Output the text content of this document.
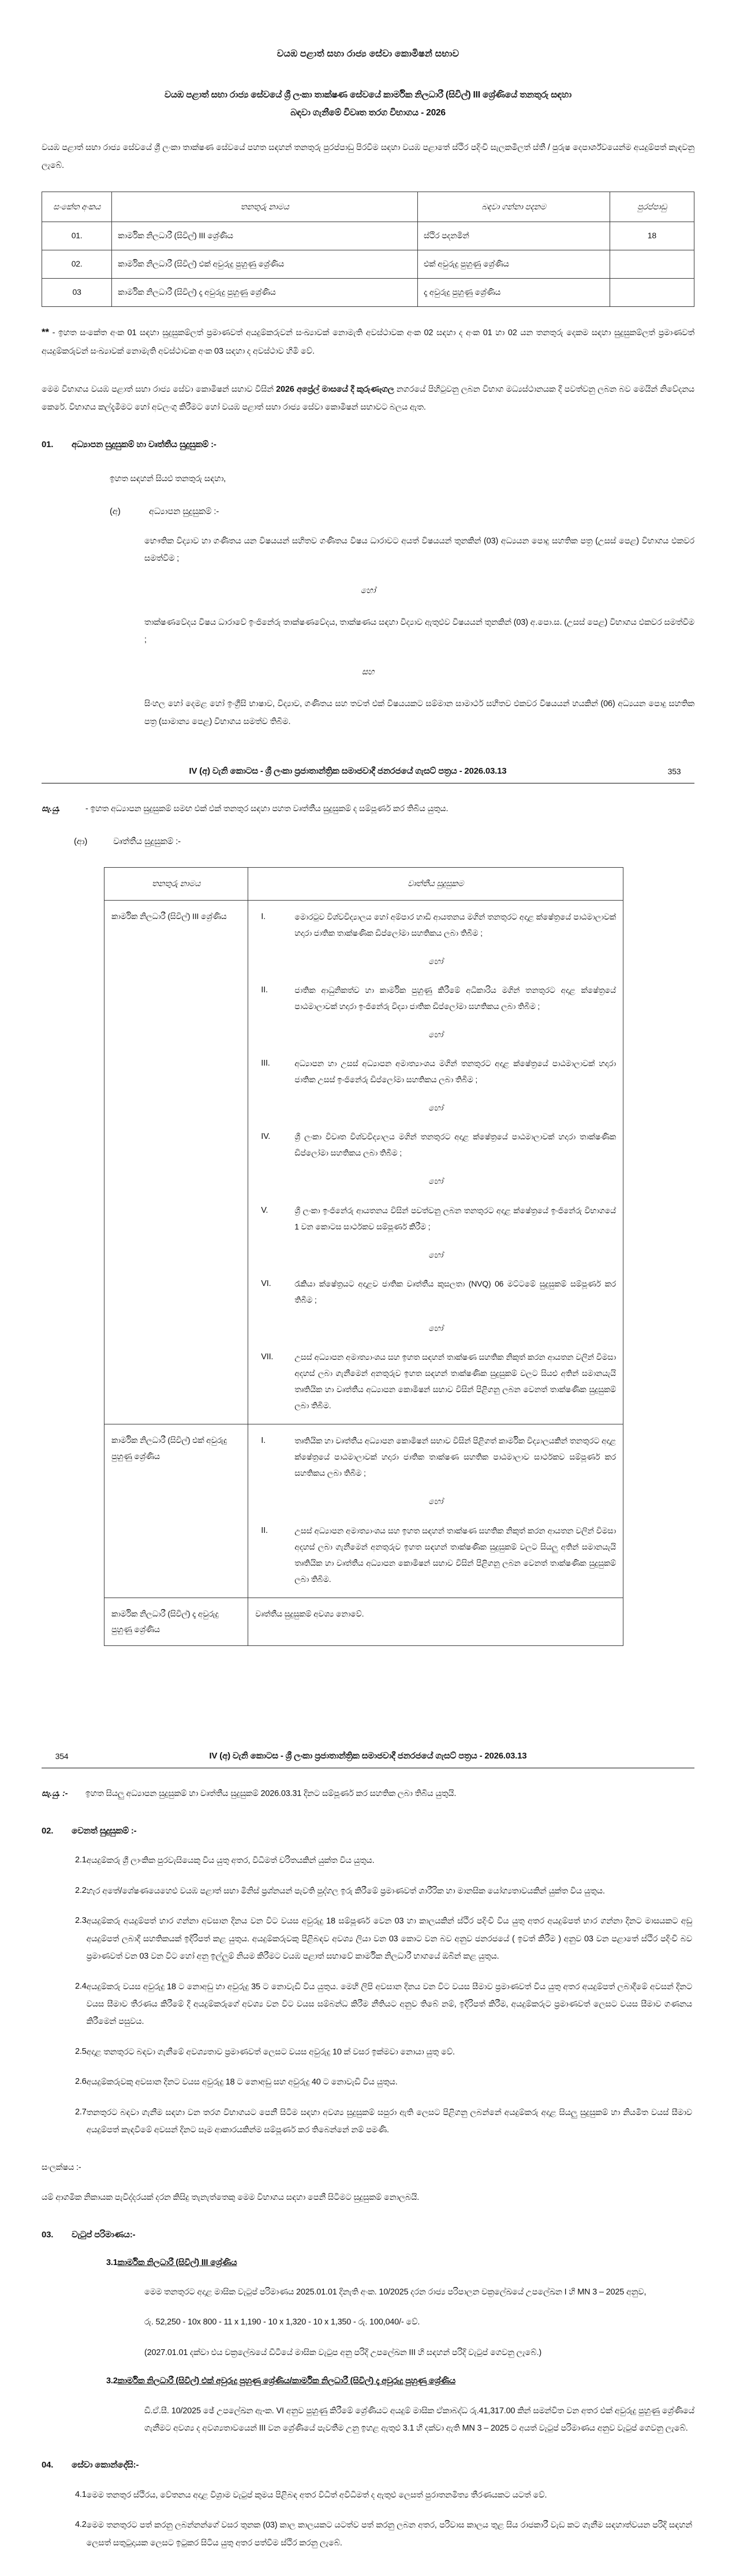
වයඹ පළාත් සහා රාජ්‍ය සේවා කොමිෂන් සභාව
වයඹ පළාත් සභා රාජ්‍ය සේවයේ ශ්‍රී ලංකා තාක්ෂණ සේවයේ කාර්මික නිලධාරී (සිවිල්) III ශ්‍රේණියේ තනතුරු සඳහා
බඳවා ගැනීමේ විවෘත තරග විභාගය - 2026
වයඹ පළාත් සභා රාජ්‍ය සේවයේ ශ්‍රී ලංකා තාක්ෂණ සේවයේ පහත සඳහන් තනතුරු පුරප්පාඩු පිරවීම සඳහා වයඹ පළාතේ ස්ථිර පදිංචි සැලකමීලත් ස්තී / පුරුෂ දෙපාර්ශ්වයෙන්ම අයදුම්පත් කැඳවනු ලැබේ.
සංකේත අංකය	තනතුරු නාමය	බඳවා ගන්නා පදනම	පුරප්පාඩු
01.	කාර්මික නිලධාරී (සිවිල්) III ශ්‍රේණිය	ස්ථිර පදනමින්	18
02.	කාර්මික නිලධාරී (සිවිල්) එක් අවුරුදු පුහුණු ශ්‍රේණිය	එක් අවුරුදු පුහුණු ශ්‍රේණිය	
03	කාර්මික නිලධාරී (සිවිල්) දෑ අවුරුදු පුහුණු ශ්‍රේණිය	දෑ අවුරුදු පුහුණු ශ්‍රේණිය	
** - ඉහත සංකේත අංක 01 සඳහා සුදුසුකම්ලත් ප්‍රමාණවත් අයදුම්කරුවන් සංඛ්‍යාවක් නොමැති අවස්ථාවක අංක 02 සඳහා ද අංක 01 හා 02 යන තනතුරු දෙකම සඳහා සුදුසුකම්ලත් ප්‍රමාණවත් අයදුම්කරුවන් සංඛ්‍යාවක් නොමැති අවස්ථාවක අංක 03 සඳහා ද අවස්ථාව හිමි වේ.
මෙම විභාගය වයඹ පළාත් සභා රාජ්‍ය සේවා කොමිෂන් සභාව විසින් 2026 අප්‍රේල් මාසයේ දී කුරුණෑගල නගරයේ පිහිටුවනු ලබන විභාග මධ්‍යස්ථානයක දී පවත්වනු ලබන බව මෙයින් නිවේදනය කෙරේ. විභාගය කල්දැමීමට හෝ අවලංගු කිරීමට හෝ වයඹ පළාත් සභා රාජ්‍ය සේවා කොමිෂන් සභාවට බලය ඇත.
01.	අධ්‍යාපන සුදුසුකම් හා වෘත්තීය සුදුසුකම් :-
ඉහත සඳහන් සියළු තනතුරු සඳහා,
(අ)	අධ්‍යාපන සුදුසුකම් :-
භෞතික විද්‍යාව හා ගණිතය යන විෂයයන් සහිතව ගණිතය විෂය ධාරාවට අයත් විෂයයන් තුනකින් (03) අධ්‍යයන පොදු සහතික පත්‍ර (උසස් පෙළ) විභාගය එකවර සමත්වීම ;
හෝ
තාක්ෂණවේදය විෂය ධාරාවේ ඉංජිනේරු තාක්ෂණවේදය, තාක්ෂණය සඳහා විද්‍යාව ඇතුළුව විෂයයන් තුනකින් (03) අ.පො.ස. (උසස් පෙළ) විභාගය එකවර සමත්වීම ;
සහ
සිංහල හෝ දෙමළ හෝ ඉංග්‍රීසි භාෂාව, විද්‍යාව, ගණිතය සහ තවත් එක් විෂයයකට සම්මාන සාමාර්ථ සහිතව එකවර විෂයයන් හයකින් (06) අධ්‍යයන පොදු සහතික පත්‍ර (සාමාන්‍ය පෙළ) විභාගය සමත්ව තිබීම.
IV (අ) වැනි කොටස - ශ්‍රී ලංකා ප්‍රජාතාන්ත්‍රික සමාජවාදී ජනරජයේ ගැසට් පත්‍රය - 2026.03.13	353
සැ.යු.	- ඉහත අධ්‍යාපන සුදුසුකම් සමඟ එක් එක් තනතුර සඳහා පහත වෘත්තීය සුදුසුකම් ද සම්පූර්ණ කර තිබිය යුතුය.
(ආ)	වෘත්තීය සුදුසුකම් :-
තනතුරු නාමය	වෘත්තීය සුදුසුකම
කාර්මික නිලධාරී (සිවිල්) III ශ්‍රේණිය	I.	මොරටුව විශ්වවිද්‍යාලය හෝ අම්පාර හාඩි ආයතනය මගින් තනතුරට අදාළ ක්ෂේත්‍රයේ පාඨමාලාවක් හදාරා ජාතික තාක්ෂණික ඩිප්ලෝමා සහතිකය ලබා තිබීම ;
හෝ
II.	ජාතික ආධුනිකත්ව හා කාර්මික පුහුණු කිරීමේ අධිකාරිය මගින් තනතුරට අදාළ ක්ෂේත්‍රයේ පාඨමාලාවක් හදාරා ඉංජිනේරු විද්‍යා ජාතික ඩිප්ලෝමා සහතිකය ලබා තිබීම ;
හෝ
III.	අධ්‍යාපන හා උසස් අධ්‍යාපන අමාත්‍යාංශය මගින් තනතුරට අදාළ ක්ෂේත්‍රයේ පාඨමාලාවක් හදාරා ජාතික උසස් ඉංජිනේරු ඩිප්ලෝමා සහතිකය ලබා තිබීම ;
හෝ
IV.	ශ්‍රී ලංකා විවෘත විශ්වවිද්‍යාලය මගින් තනතුරට අදාළ ක්ෂේත්‍රයේ පාඨමාලාවක් හදාරා තාක්ෂණික ඩිප්ලෝමා සහතිකය ලබා තිබීම ;
හෝ
V.	ශ්‍රී ලංකා ඉංජිනේරු ආයතනය විසින් පවත්වනු ලබන තනතුරට අදාළ ක්ෂේත්‍රයේ ඉංජිනේරු විභාගයේ 1 වන කොටස සාර්ථකව සම්පූර්ණ කිරීම ;
හෝ
VI.	රැකියා ක්ෂේත්‍රයට අදාළව ජාතික වෘත්තීය කුසලතා (NVQ) 06 මට්ටමේ සුදුසුකම් සම්පූර්ණ කර තිබීම ;
හෝ
VII.	උසස් අධ්‍යාපන අමාත්‍යාංශය සහ ඉහත සඳහන් තාක්ෂණ සහතික නිකුත් කරන ආයතන වලින් විමසා අදහස් ලබා ගැනීමෙන් අනතුරුව ඉහත සඳහන් තාක්ෂණික සුදුසුකම් වලට සියළු අතින් සමානයැයි තෘතියික හා වෘත්තීය අධ්‍යාපන කොමිෂන් සභාව විසින් පිළිගනු ලබන වෙනත් තාක්ෂණික සුදුසුකම් ලබා තිබීම.

කාර්මික නිලධාරී (සිවිල්) එක් අවුරුදු පුහුණු ශ්‍රේණිය	I. තෘතියික හා වෘත්තීය අධ්‍යාපන කොමිෂන් සභාව විසින් පිළිගත් කාර්මික විද්‍යාලයකින් තනතුරට අදාළ ක්ෂේත්‍රයේ පාඨමාලාවක් හදාරා ජාතික තාක්ෂණ සහතික පාඨමාලාව සාර්ථකව සම්පූර්ණ කර සහතිකය ලබා තිබීම ;
හෝ
II. උසස් අධ්‍යාපන අමාත්‍යාංශය සහ ඉහත සඳහන් තාක්ෂණ සහතික නිකුත් කරන ආයතන වලින් විමසා අදහස් ලබා ගැනීමෙන් අනතුරුව ඉහත සඳහන් තාක්ෂණික සුදුසුකම් වලට සියලු අතින් සමානයැයි තෘතියික හා වෘත්තීය අධ්‍යාපන කොමිෂන් සභාව විසින් පිළිගනු ලබන වෙනත් තාක්ෂණික සුදුසුකම් ලබා තිබීම.

කාර්මික නිලධාරී (සිවිල්) දෑ අවුරුදු පුහුණු ශ්‍රේණිය	වෘත්තීය සුදුසුකම් අවශ්‍ය නොවේ.
354	IV (අ) වැනි කොටස - ශ්‍රී ලංකා ප්‍රජාතාන්ත්‍රික සමාජවාදී ජනරජයේ ගැසට් පත්‍රය - 2026.03.13
සැ.යු. :-	ඉහත සියලු අධ්‍යාපන සුදුසුකම් හා වෘත්තීය සුදුසුකම් 2026.03.31 දිනට සම්පූර්ණ කර සහතික ලබා තිබිය යුතුයි.
02.	වෙනත් සුදුසුකම් :-
2.1 අයදුම්කරු ශ්‍රී ලාංකික පුරවැසියෙකු විය යුතු අතර, විධිමත් චරිතයකින් යුක්ත විය යුතුය.
2.2 හැර අතේ/ශේෂණයෙහෙළු වයඹ පළාත් සභා මිනිස් ප්‍රශ්නයන් පැවති පුද්ගල ඉරු කිරීමේ ප්‍රමාණවත් ශාරීරික හා මානසික යෝග්‍යතාවයකින් යුක්ත විය යුතුය.
2.3 අයදුම්කරු අයදුම්පත් භාර ගන්නා අවසාන දිනය වන විට වයස අවුරුදු 18 සම්පූර්ණ වෙන 03 හා කාලයකින් ස්ථිර පදිංචි විය යුතු අතර අයදුම්පත් භාර ගන්නා දිනට මාසයකට අඩු අයදුම්පත් ලබාදී සහතිකයක් ඉදිරිපත් කළ යුතුය. අයදුම්කරුවකු පිළිබඳව අවශ්‍ය ලියා වන 03 කොට වන බව අනුව ජනරජයේ ( ඉවත් කිරීම ) අනුව 03 වන පළාතේ ස්ථිර පදිංචි බව ප්‍රමාණවත් වන 03 වන විට හෝ අනු ඉල්ලුම් නියම කිරීමට වයඹ පළාත් සභාවේ කාර්මික නිලධාරී භාගයේ ඔබින් කළ යුතුය.
2.4 අයදුම්කරු වයස අවුරුදු 18 ට නොඅඩු හා අවුරුදු 35 ට නොවැඩි විය යුතුය. මෙහි ලිපි අවසාන දිනය වන විට වයස සීමාව ප්‍රමාණවත් විය යුතු අතර අයදුම්පත් ලබාදීමේ අවසන් දිනට වයස සීමාව තීරණය කිරීමේ දී අයදුම්කරුගේ අවශ්‍ය වන විට වයස සම්බන්ධ කිරීම නීතියට අනුව තිබේ නම්, ඉදිරිපත් කිරීම, අයදුම්කරුට ප්‍රමාණවත් ලෙසට වයස සීමාව ගණනය කිරීමෙන් පසුවය.
2.5 අදාළ තනතුරට බඳවා ගැනීමේ අවශ්‍යතාව ප්‍රමාණවත් ලෙසට වයස අවුරුදු 10 ක් වසර ඉක්මවා නොයා යුතු වේ.
2.6 අයදුම්කරුවකු අවසාන දිනට වයස අවුරුදු 18 ට නොඅඩු සහ අවුරුදු 40 ට නොවැඩි විය යුතුය.
2.7 තනතුරට බඳවා ගැනීම සඳහා වන තරග විභාගයට පෙනී සිටීම සඳහා අවශ්‍ය සුදුසුකම් සපුරා ඇති ලෙසට පිළිගනු ලබන්නේ අයදුම්කරු අදාළ සියලු සුදුසුකම් හා නියමිත වයස් සීමාව අයදුම්පත් කැඳවීමේ අවසන් දිනට සෑම ආකාරයකින්ම සම්පූර්ණ කර තිබෙන්නේ නම් පමණි.
සංලක්ෂය :-
යම් ආගමික නිකායක පැවිද්දරයක් දරන කිසිදු තැනැත්තෙකු මෙම විභාගය සඳහා පෙනී සිටීමට සුදුසුකම් නොලබයි.
03.	වැටුප් පරිමාණය:-
3.1 කාර්මික නිලධාරී (සිවිල්) III ශ්‍රේණිය
මෙම තනතුරට අදාළ මාසික වැටුප් පරිමාණය 2025.01.01 දිනැති අංක. 10/2025 දරන රාජ්‍ය පරිපාලන චක්‍රලේඛයේ උපලේඛන I හි MN 3 – 2025 අනුව,
රු. 52,250 - 10x 800 - 11 x 1,190 - 10 x 1,320 - 10 x 1,350 - රු. 100,040/- වේ.
(2027.01.01 දක්වා එය චක්‍රලේඛයේ ඩීටීයේ මාසික වැටුප අනු පරිදි උපලේඛන III හි සඳහන් පරිදි වැටුප් ගෙවනු ලැබේ.)
3.2 කාර්මික නිලධාරී (සිවිල්) එක් අවුරුදු පුහුණු ශ්‍රේණිය/කාර්මික නිලධාරී (සිවිල්) දෑ අවුරුදු පුහුණු ශ්‍රේණිය
ඩී.ඒ.සී. 10/2025 ඡේ උපලේඛන ඇ-ක. VI අනුව පුහුණු කිරීමේ ශ්‍රේණියට අයදුම් මාසික ඒකාබද්ධ රු.41,317.00 කින් සමන්විත වන අතර එක් අවුරුදු පුහුණු ශ්‍රේණියේ ගැනීමට අවශ්‍ය ද අවශ්‍යතාවයෙන් III වන ශ්‍රේණියේ පැවතීම උනු ඉහළ ඇතුළු 3.1 හි දක්වා ඇති MN 3 – 2025 ට අයත් වැටුප් පරිමාණය අනුව වැටුප් ගෙවනු ලැබේ.
04.	සේවා කොන්දේසි:-
4.1 මෙම තනතුර ස්ථිරය, වේතනය අදාළ විශ්‍රාම වැටුප් කුමය පිළිබඳ අතර විධිත් අවිධිමත් ද ඇතුළු ලෙසත් පුරාතනමිත්‍ය තීරණයකට යටත් වේ.
4.2 මෙම තනතුරට පත් කරනු ලබන්නන්ගේ වසර තුනක (03) කාල කාලයකට යටත්ව පත් කරනු ලබන අතර, පරිවාස කාලය තුළ සිය රාජකාරී වැඩ කට ගැනීම සඳහාත්වයන පරිදි සඳහන් ලෙසත් සතුටුදායක ලෙසට ඉටුකර සිටිය යුතු අතර පත්වීම ස්ථිර කරනු ලැබේ.
